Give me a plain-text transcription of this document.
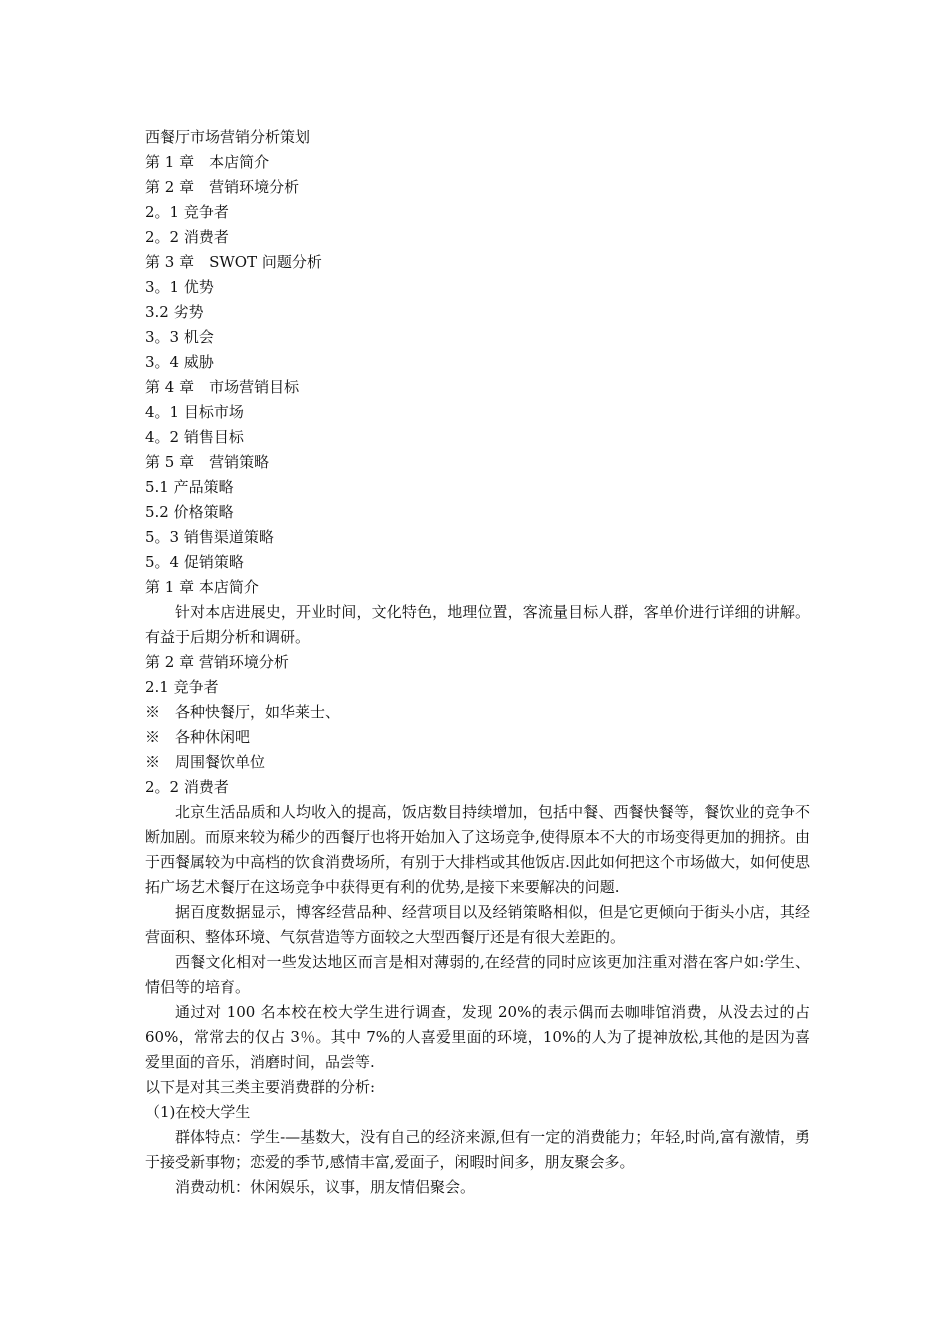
西餐厅市场营销分析策划
第 1 章　本店简介
第 2 章　营销环境分析
2。1 竞争者
2。2 消费者
第 3 章　SWOT 问题分析
3。1 优势
3.2 劣势
3。3 机会
3。4 威胁
第 4 章　市场营销目标
4。1 目标市场
4。2 销售目标
第 5 章　营销策略
5.1 产品策略
5.2 价格策略
5。3 销售渠道策略
5。4 促销策略
第 1 章 本店简介
针对本店进展史，开业时间，文化特色，地理位置，客流量目标人群，客单价进行详细的讲解。有益于后期分析和调研。
第 2 章 营销环境分析
2.1 竞争者
※　各种快餐厅，如华莱士、
※　各种休闲吧
※　周围餐饮单位
2。2 消费者
北京生活品质和人均收入的提高，饭店数目持续增加，包括中餐、西餐快餐等，餐饮业的竞争不断加剧。而原来较为稀少的西餐厅也将开始加入了这场竞争,使得原本不大的市场变得更加的拥挤。由于西餐属较为中高档的饮食消费场所，有别于大排档或其他饭店.因此如何把这个市场做大，如何使思拓广场艺术餐厅在这场竞争中获得更有利的优势,是接下来要解决的问题.
据百度数据显示，博客经营品种、经营项目以及经销策略相似，但是它更倾向于街头小店，其经营面积、整体环境、气氛营造等方面较之大型西餐厅还是有很大差距的。
西餐文化相对一些发达地区而言是相对薄弱的,在经营的同时应该更加注重对潜在客户如:学生、情侣等的培育。
通过对 100 名本校在校大学生进行调查，发现 20%的表示偶而去咖啡馆消费，从没去过的占 60%，常常去的仅占 3％。其中 7%的人喜爱里面的环境，10%的人为了提神放松,其他的是因为喜爱里面的音乐，消磨时间，品尝等.
以下是对其三类主要消费群的分析:
（1)在校大学生
群体特点：学生-—基数大，没有自己的经济来源,但有一定的消费能力；年轻,时尚,富有激情，勇于接受新事物；恋爱的季节,感情丰富,爱面子，闲暇时间多，朋友聚会多。
消费动机：休闲娱乐，议事，朋友情侣聚会。
